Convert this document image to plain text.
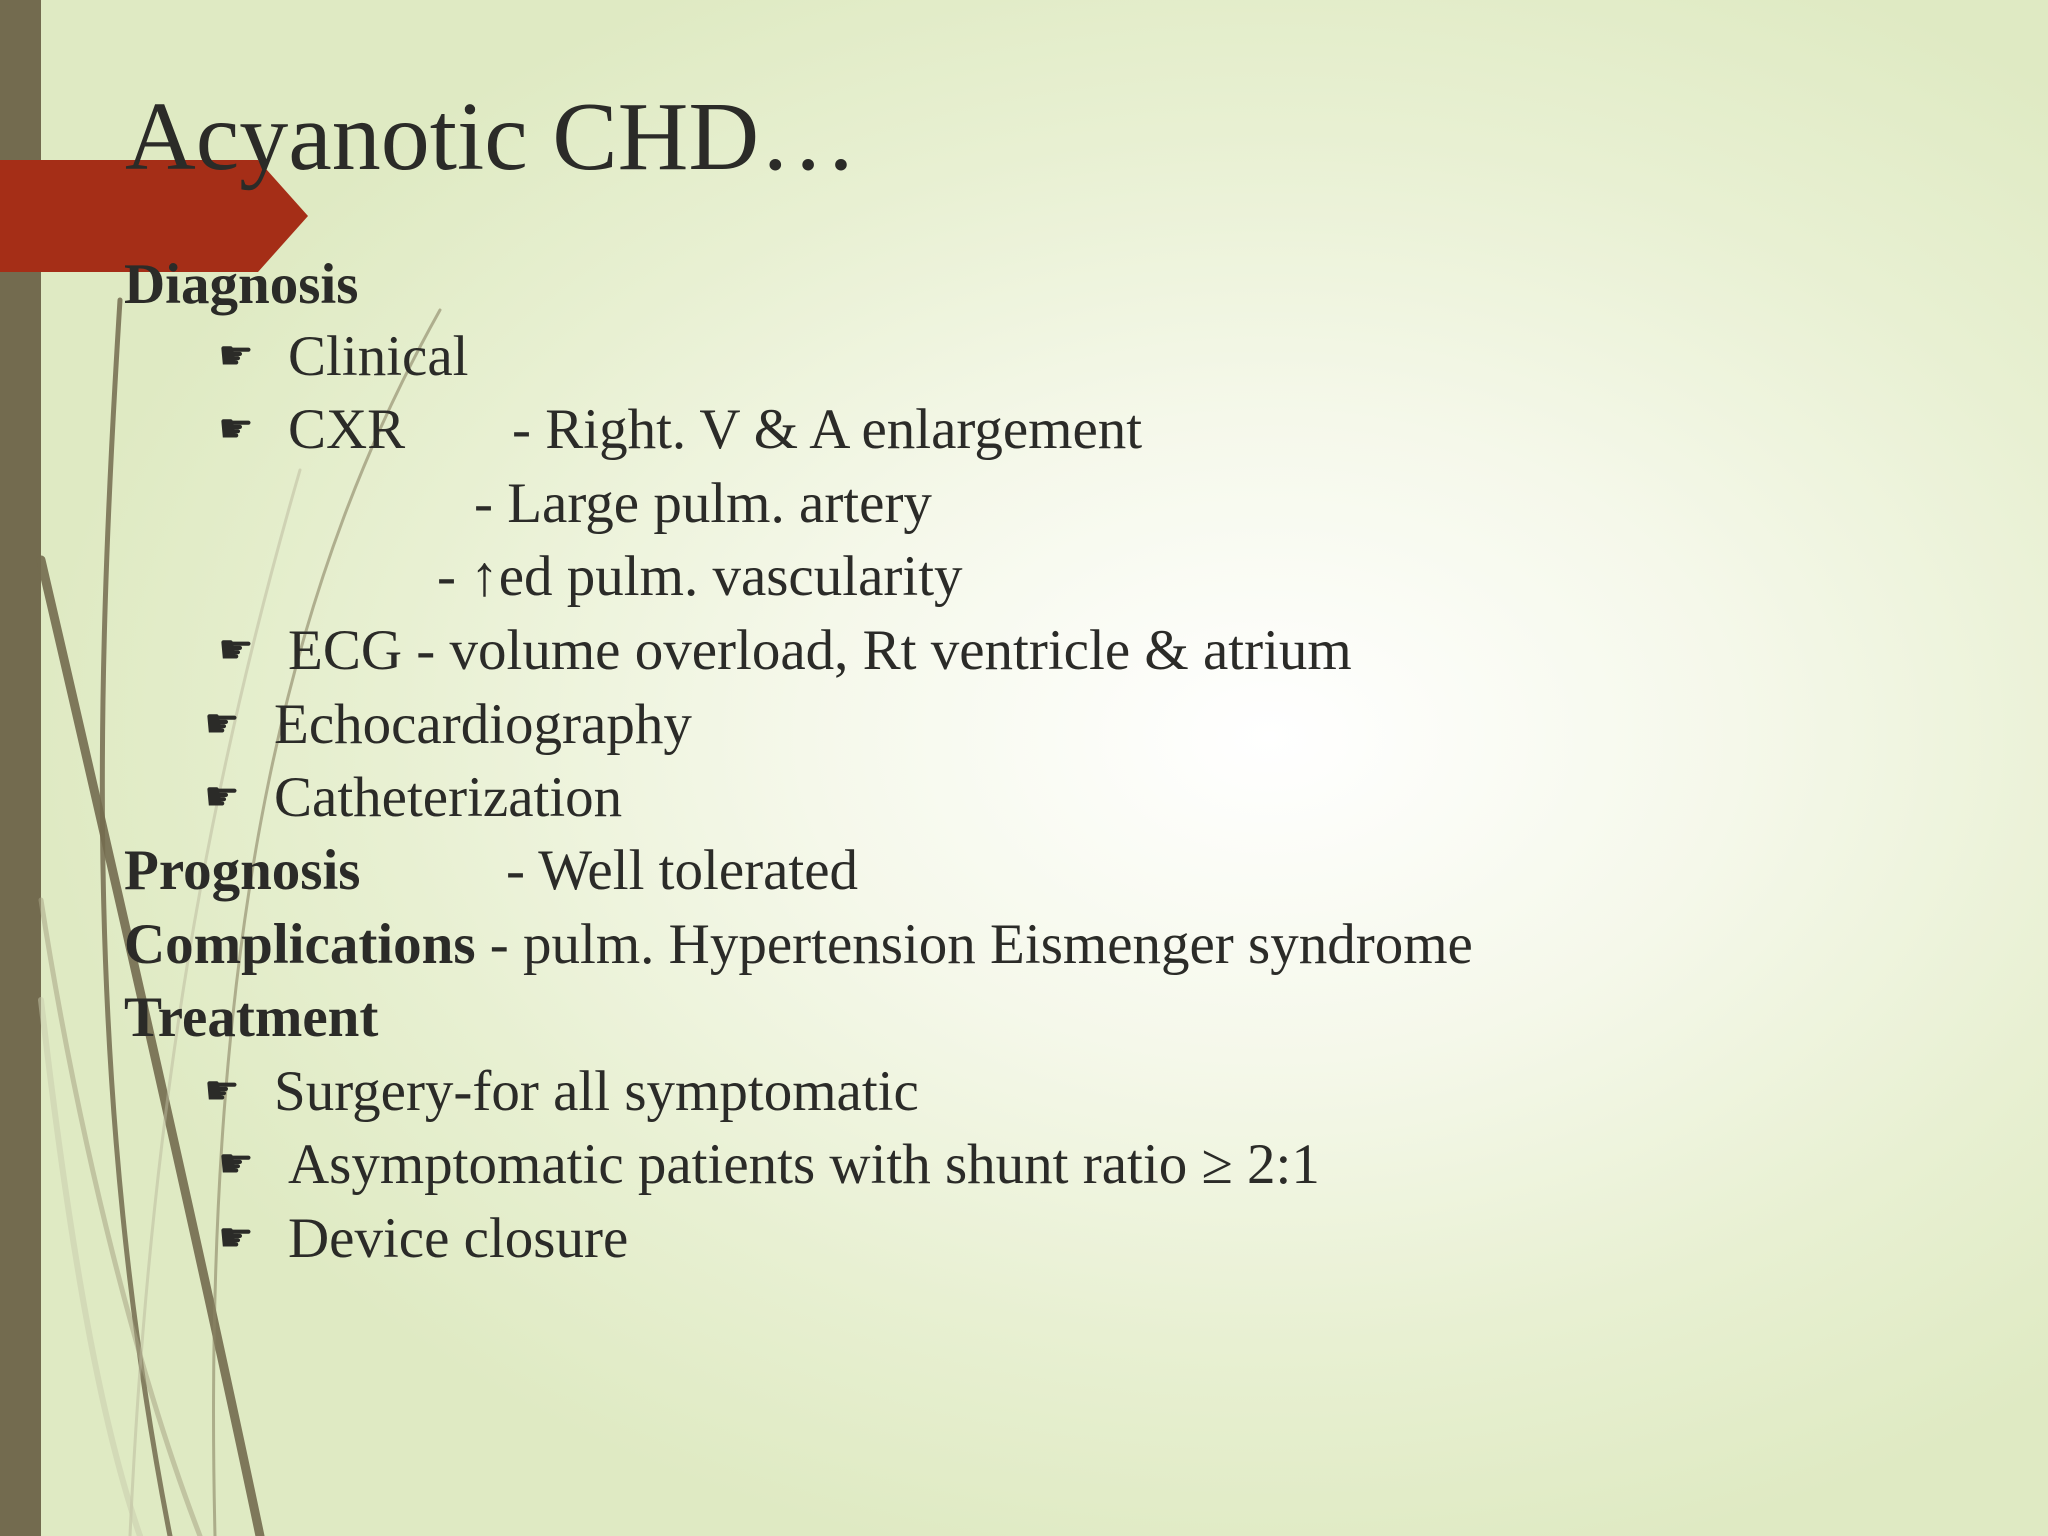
Acyanotic CHD…
Diagnosis
☛ Clinical
☛ CXR - Right. V & A enlargement
- Large pulm. artery
- ↑ed pulm. vascularity
☛ ECG - volume overload, Rt ventricle & atrium
☛ Echocardiography
☛ Catheterization
Prognosis	- Well tolerated
Complications - pulm. Hypertension Eismenger syndrome
Treatment
☛ Surgery-for all symptomatic
☛ Asymptomatic patients with shunt ratio ≥ 2:1
☛ Device closure
